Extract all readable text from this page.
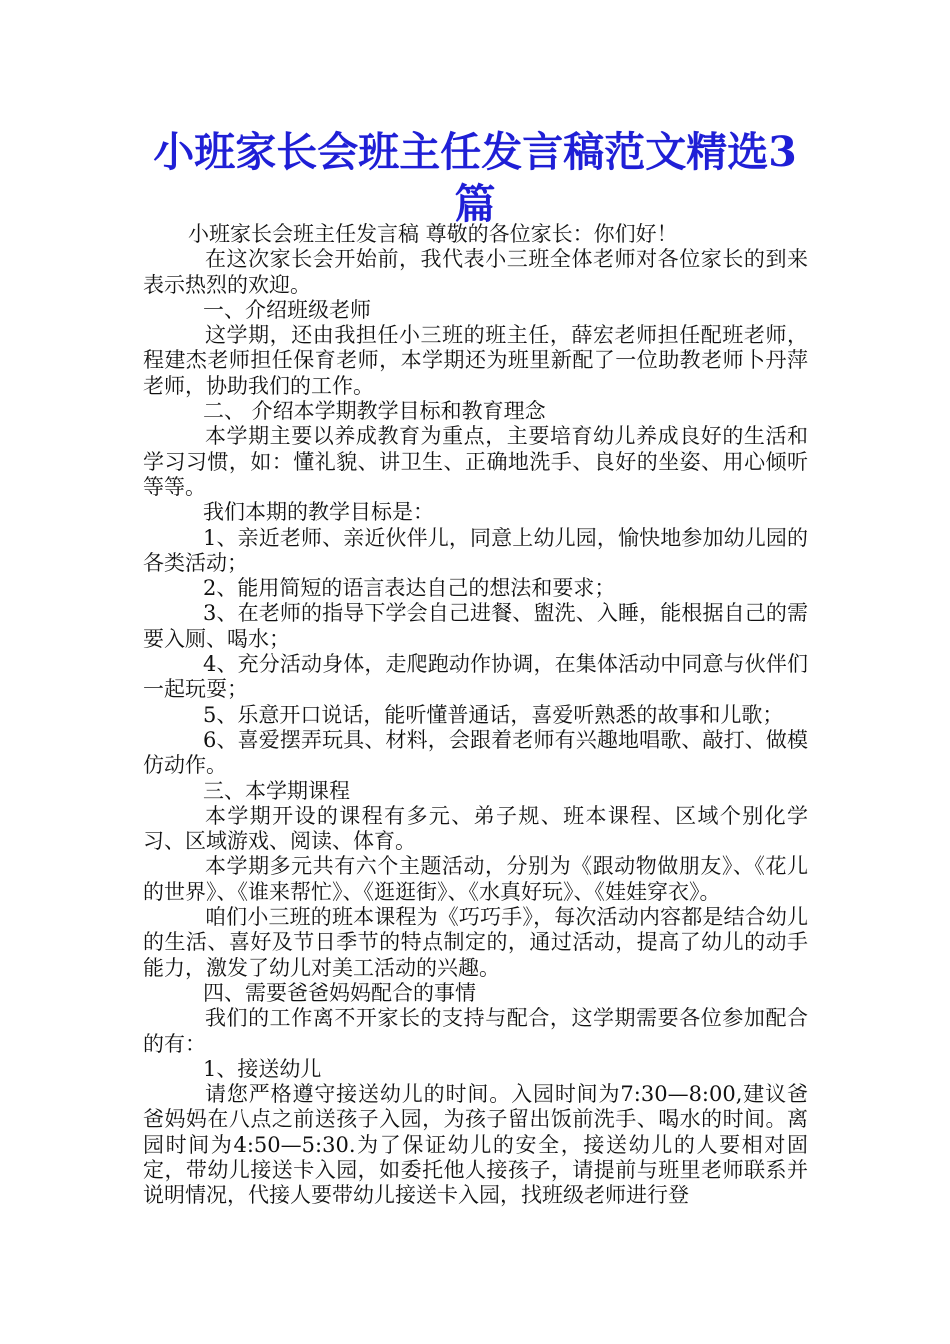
小班家长会班主任发言稿范文精选3篇

小班家长会班主任发言稿 尊敬的各位家长：你们好！

在这次家长会开始前，我代表小三班全体老师对各位家长的到来表示热烈的欢迎。

一、介绍班级老师

这学期，还由我担任小三班的班主任，薛宏老师担任配班老师，程建杰老师担任保育老师，本学期还为班里新配了一位助教老师卜丹萍老师，协助我们的工作。

二、 介绍本学期教学目标和教育理念

本学期主要以养成教育为重点，主要培育幼儿养成良好的生活和学习习惯，如：懂礼貌、讲卫生、正确地洗手、良好的坐姿、用心倾听等等。

我们本期的教学目标是：

1、亲近老师、亲近伙伴儿，同意上幼儿园，愉快地参加幼儿园的各类活动；

2、能用简短的语言表达自己的想法和要求；

3、在老师的指导下学会自己进餐、盥洗、入睡，能根据自己的需要入厕、喝水；

4、充分活动身体，走爬跑动作协调，在集体活动中同意与伙伴们一起玩耍；

5、乐意开口说话，能听懂普通话，喜爱听熟悉的故事和儿歌；

6、喜爱摆弄玩具、材料，会跟着老师有兴趣地唱歌、敲打、做模仿动作。

三、本学期课程

本学期开设的课程有多元、弟子规、班本课程、区域个别化学习、区域游戏、阅读、体育。

本学期多元共有六个主题活动，分别为《跟动物做朋友》、《花儿的世界》、《谁来帮忙》、《逛逛街》、《水真好玩》、《娃娃穿衣》。

咱们小三班的班本课程为《巧巧手》，每次活动内容都是结合幼儿的生活、喜好及节日季节的特点制定的，通过活动，提高了幼儿的动手能力，激发了幼儿对美工活动的兴趣。

四、需要爸爸妈妈配合的事情

我们的工作离不开家长的支持与配合，这学期需要各位参加配合的有：

1、接送幼儿

请您严格遵守接送幼儿的时间。入园时间为7:30—8:00,建议爸爸妈妈在八点之前送孩子入园，为孩子留出饭前洗手、喝水的时间。离园时间为4:50—5:30.为了保证幼儿的安全，接送幼儿的人要相对固定，带幼儿接送卡入园，如委托他人接孩子，请提前与班里老师联系并说明情况，代接人要带幼儿接送卡入园，找班级老师进行登
